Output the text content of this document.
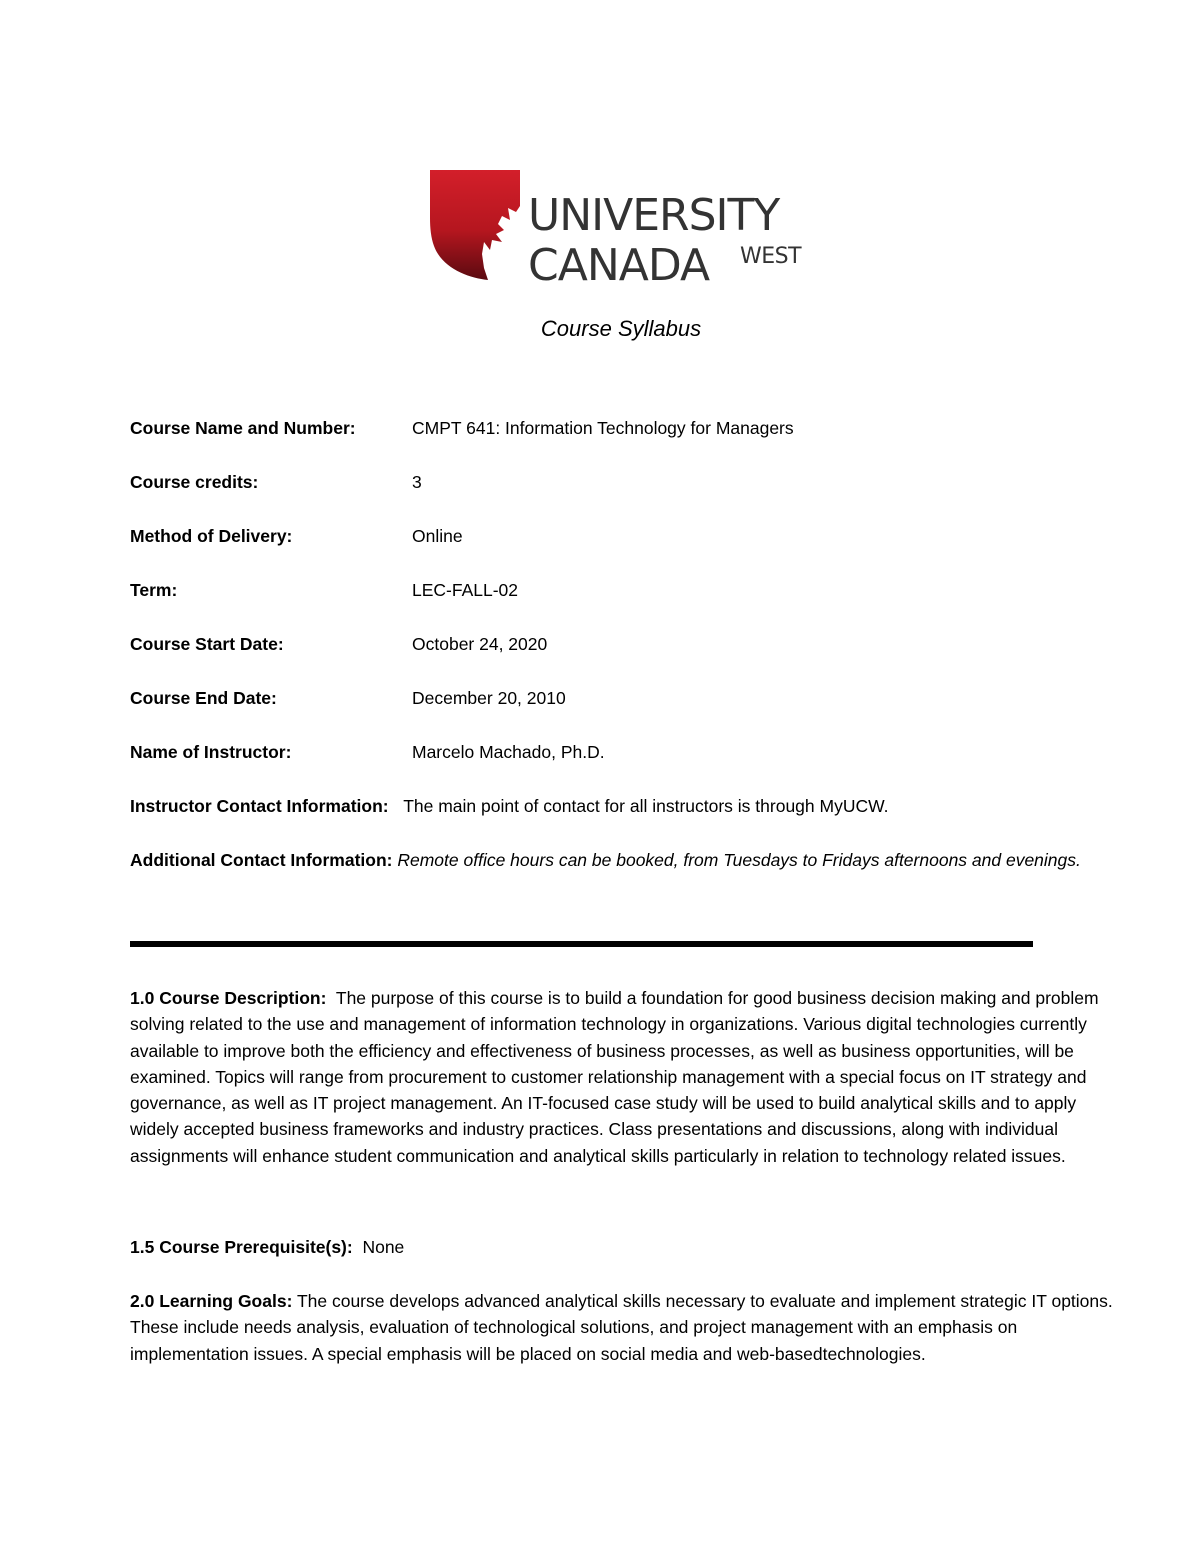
UNIVERSITY
CANADA WEST
Course Syllabus
Course Name and Number:	CMPT 641: Information Technology for Managers
Course credits:	3
Method of Delivery:	Online
Term:	LEC-FALL-02
Course Start Date:	October 24, 2020
Course End Date:	December 20, 2010
Name of Instructor:	Marcelo Machado, Ph.D.
Instructor Contact Information: The main point of contact for all instructors is through MyUCW.
Additional Contact Information: Remote office hours can be booked, from Tuesdays to Fridays afternoons and evenings.
1.0 Course Description: The purpose of this course is to build a foundation for good business decision making and problem solving related to the use and management of information technology in organizations. Various digital technologies currently available to improve both the efficiency and effectiveness of business processes, as well as business opportunities, will be examined. Topics will range from procurement to customer relationship management with a special focus on IT strategy and governance, as well as IT project management. An IT-focused case study will be used to build analytical skills and to apply widely accepted business frameworks and industry practices. Class presentations and discussions, along with individual assignments will enhance student communication and analytical skills particularly in relation to technology related issues.
1.5 Course Prerequisite(s): None
2.0 Learning Goals: The course develops advanced analytical skills necessary to evaluate and implement strategic IT options. These include needs analysis, evaluation of technological solutions, and project management with an emphasis on implementation issues. A special emphasis will be placed on social media and web-basedtechnologies.
